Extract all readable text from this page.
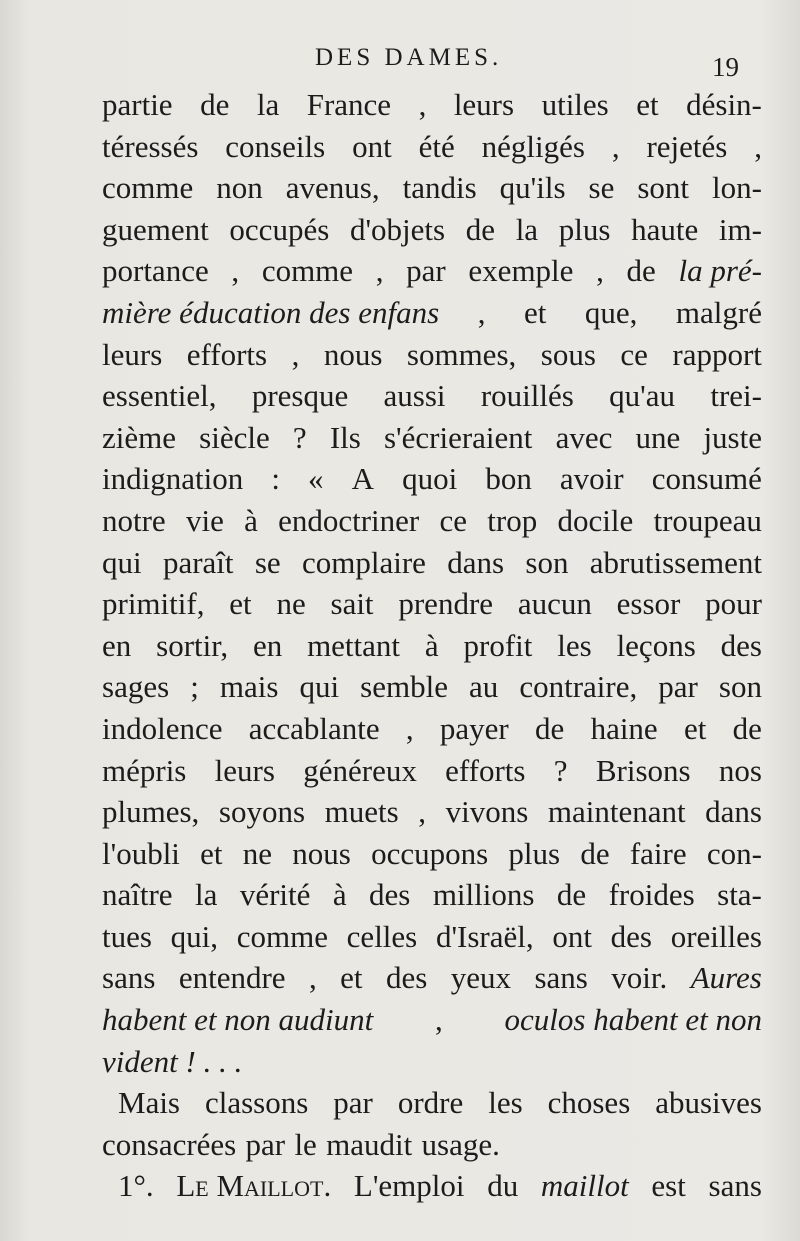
DES DAMES.	19
partie de la France , leurs utiles et désin-
téressés conseils ont été négligés , rejetés ,
comme non avenus, tandis qu'ils se sont lon-
guement occupés d'objets de la plus haute im-
portance , comme , par exemple , de la pré-
mière éducation des enfans , et que, malgré
leurs efforts , nous sommes, sous ce rapport
essentiel, presque aussi rouillés qu'au trei-
zième siècle ? Ils s'écrieraient avec une juste
indignation : « A quoi bon avoir consumé
notre vie à endoctriner ce trop docile troupeau
qui paraît se complaire dans son abrutissement
primitif, et ne sait prendre aucun essor pour
en sortir, en mettant à profit les leçons des
sages ; mais qui semble au contraire, par son
indolence accablante , payer de haine et de
mépris leurs généreux efforts ? Brisons nos
plumes, soyons muets , vivons maintenant dans
l'oubli et ne nous occupons plus de faire con-
naître la vérité à des millions de froides sta-
tues qui, comme celles d'Israël, ont des oreilles
sans entendre , et des yeux sans voir. Aures
habent et non audiunt , oculos habent et non
vident ! . . .
Mais classons par ordre les choses abusives
consacrées par le maudit usage.
1°. Le Maillot. L'emploi du maillot est sans
